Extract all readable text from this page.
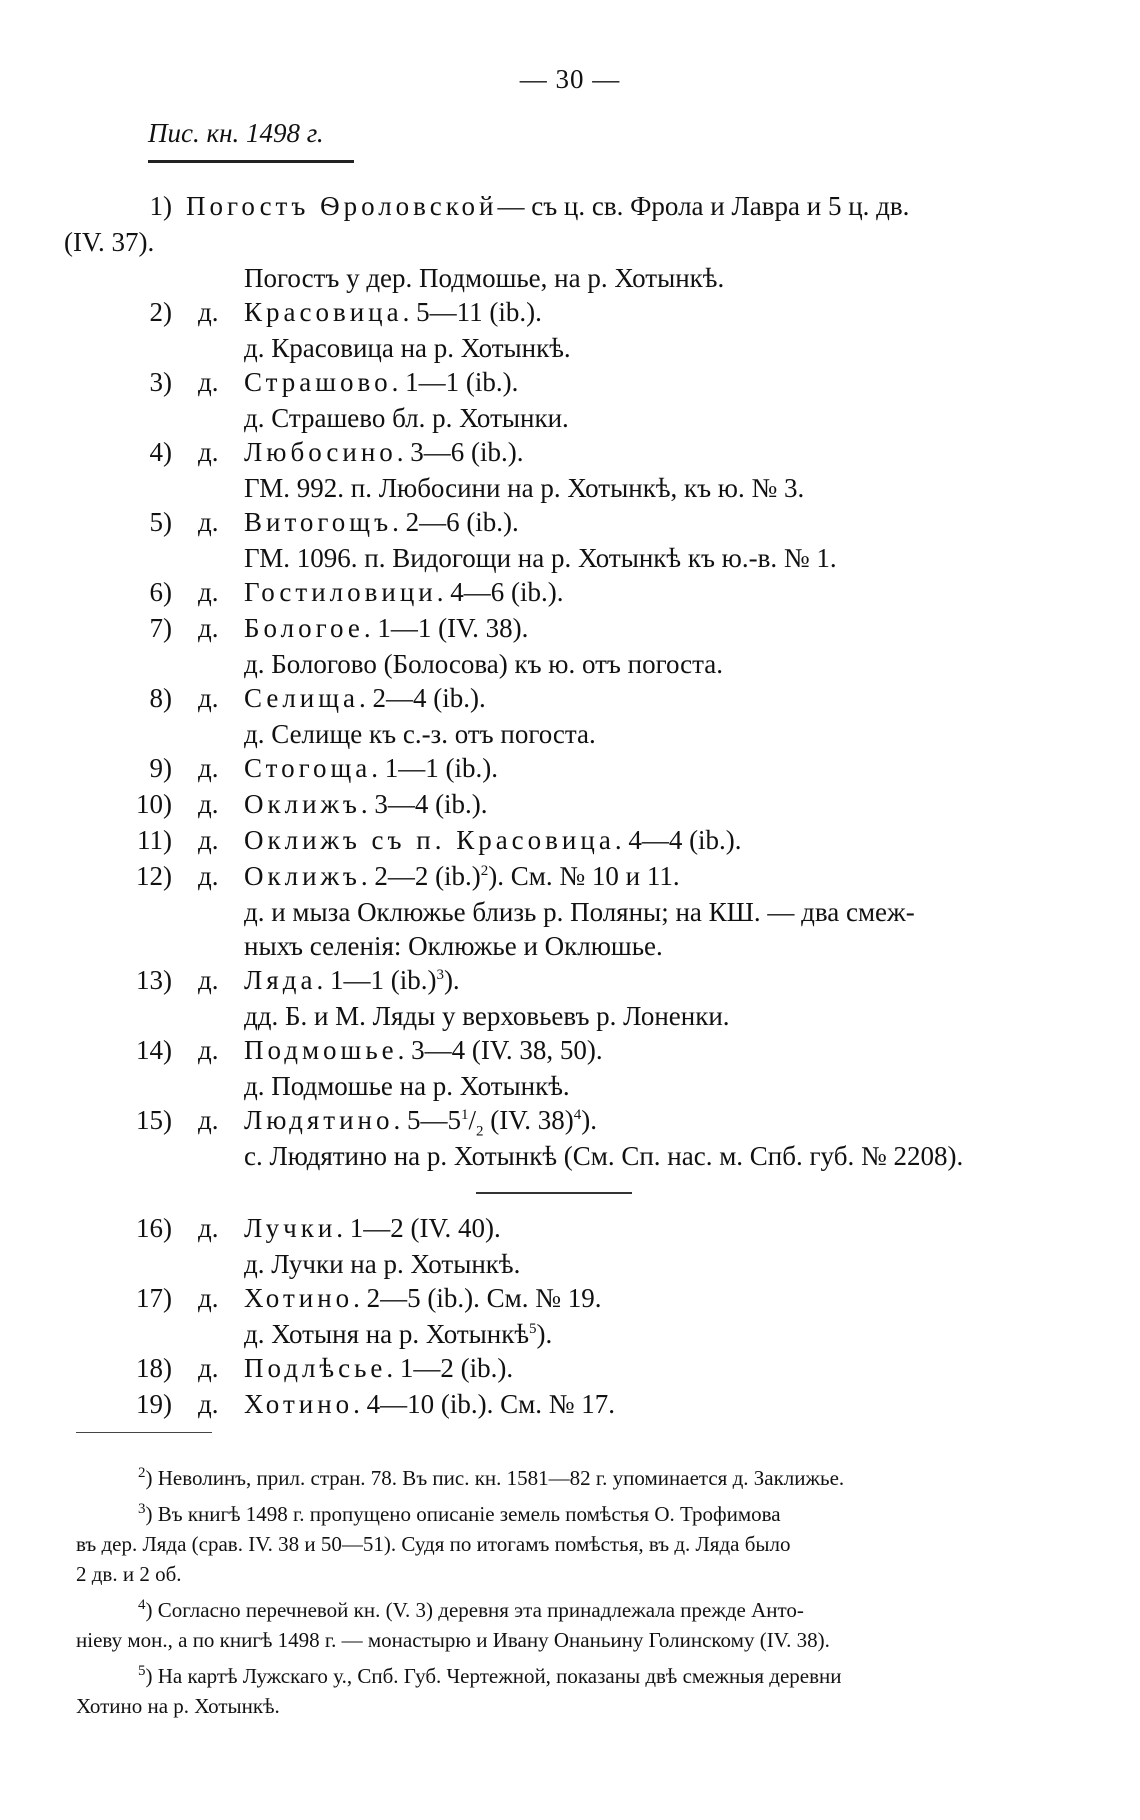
— 30 —
Пис. кн. 1498 г.
1) Погостъ Ѳроловской— съ ц. св. Фрола и Лавра и 5 ц. дв.
(IV. 37).
Погостъ у дер. Подмошье, на р. Хотынкѣ.
2) д. Красовица. 5—11 (ib.).
д. Красовица на р. Хотынкѣ.
3) д. Страшово. 1—1 (ib.).
д. Страшево бл. р. Хотынки.
4) д. Любосино. 3—6 (ib.).
ГМ. 992. п. Любосини на р. Хотынкѣ, къ ю. № 3.
5) д. Витогощъ. 2—6 (ib.).
ГМ. 1096. п. Видогощи на р. Хотынкѣ къ ю.-в. № 1.
6) д. Гостиловици. 4—6 (ib.).
7) д. Бологое. 1—1 (IV. 38).
д. Бологово (Болосова) къ ю. отъ погоста.
8) д. Селища. 2—4 (ib.).
д. Селище къ с.-з. отъ погоста.
9) д. Стогоща. 1—1 (ib.).
10) д. Оклижъ. 3—4 (ib.).
11) д. Оклижъ съ п. Красовица. 4—4 (ib.).
12) д. Оклижъ. 2—2 $(ib.)^2$). См. № 10 и 11.
д. и мыза Оклюжье близь р. Поляны; на КШ. — два смеж-
ныхъ селенія: Оклюжье и Оклюшье.
13) д. Ляда. 1—1 $(ib.)^3$).
дд. Б. и М. Ляды у верховьевъ р. Лоненки.
14) д. Подмошье. 3—4 (IV. 38, 50).
д. Подмошье на р. Хотынкѣ.
15) д. Людятино. $5—5^1/_2$ (IV. 38)$^4$).
с. Людятино на р. Хотынкѣ (См. Сп. нас. м. Спб. губ. № 2208).
16) д. Лучки. 1—2 (IV. 40).
д. Лучки на р. Хотынкѣ.
17) д. Хотино. 2—5 (ib.). См. № 19.
д. Хотыня на р. Хотынкѣ$^5$).
18) д. Подлѣсье. 1—2 (ib.).
19) д. Хотино. 4—10 (ib.). См. № 17.
$^2$) Неволинъ, прил. стран. 78. Въ пис. кн. 1581—82 г. упоминается д. Заклижье.
$^3$) Въ книгѣ 1498 г. пропущено описаніе земель помѣстья О. Трофимова
въ дер. Ляда (срав. IV. 38 и 50—51). Судя по итогамъ помѣстья, въ д. Ляда было
2 дв. и 2 об.
$^4$) Согласно перечневой кн. (V. 3) деревня эта принадлежала прежде Анто-
ніеву мон., а по книгѣ 1498 г. — монастырю и Ивану Онаньину Голинскому (IV. 38).
$^5$) На картѣ Лужскаго у., Спб. Губ. Чертежной, показаны двѣ смежныя деревни
Хотино на р. Хотынкѣ.
